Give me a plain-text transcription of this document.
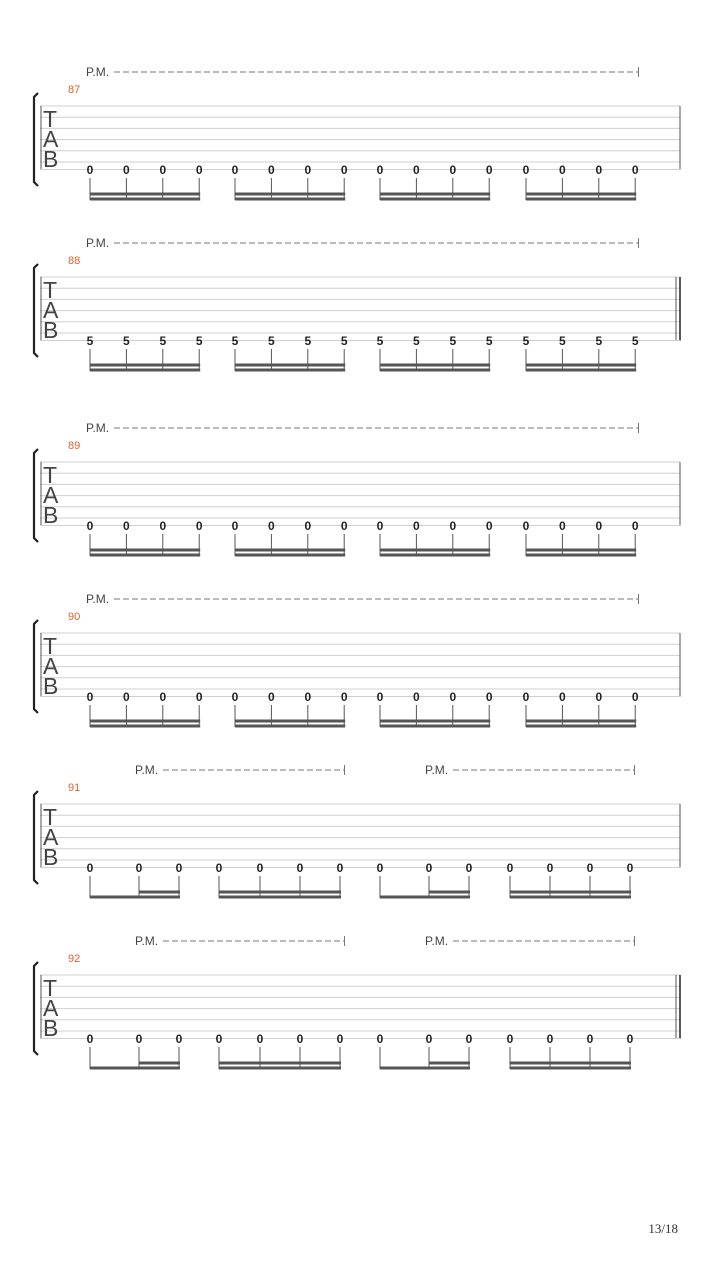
P.M.
87
T
A
B 0 0 0 0 0 0 0 0 0 0 0 0	0 0 0 0
P.M.
88
T
A
B 5 5 5 5 5 5 5 5 5 5 5 5	5 5 5 5
P.M.
89
T
A
B 0 0 0 0 0 0 0 0 0 0 0 0	0 0 0 0
P.M.
90
T
A
B 0 0 0 0 0 0 0 0 0 0 0 0	0 0 0 0
P.M.	P.M.
91
T
A
B 0	0	0	0	0	0	0	0	0	0	0	0	0	0
P.M.	P.M.
92
T
A
B 0	0	0	0	0	0	0	0	0	0	0	0	0	0
13/18
